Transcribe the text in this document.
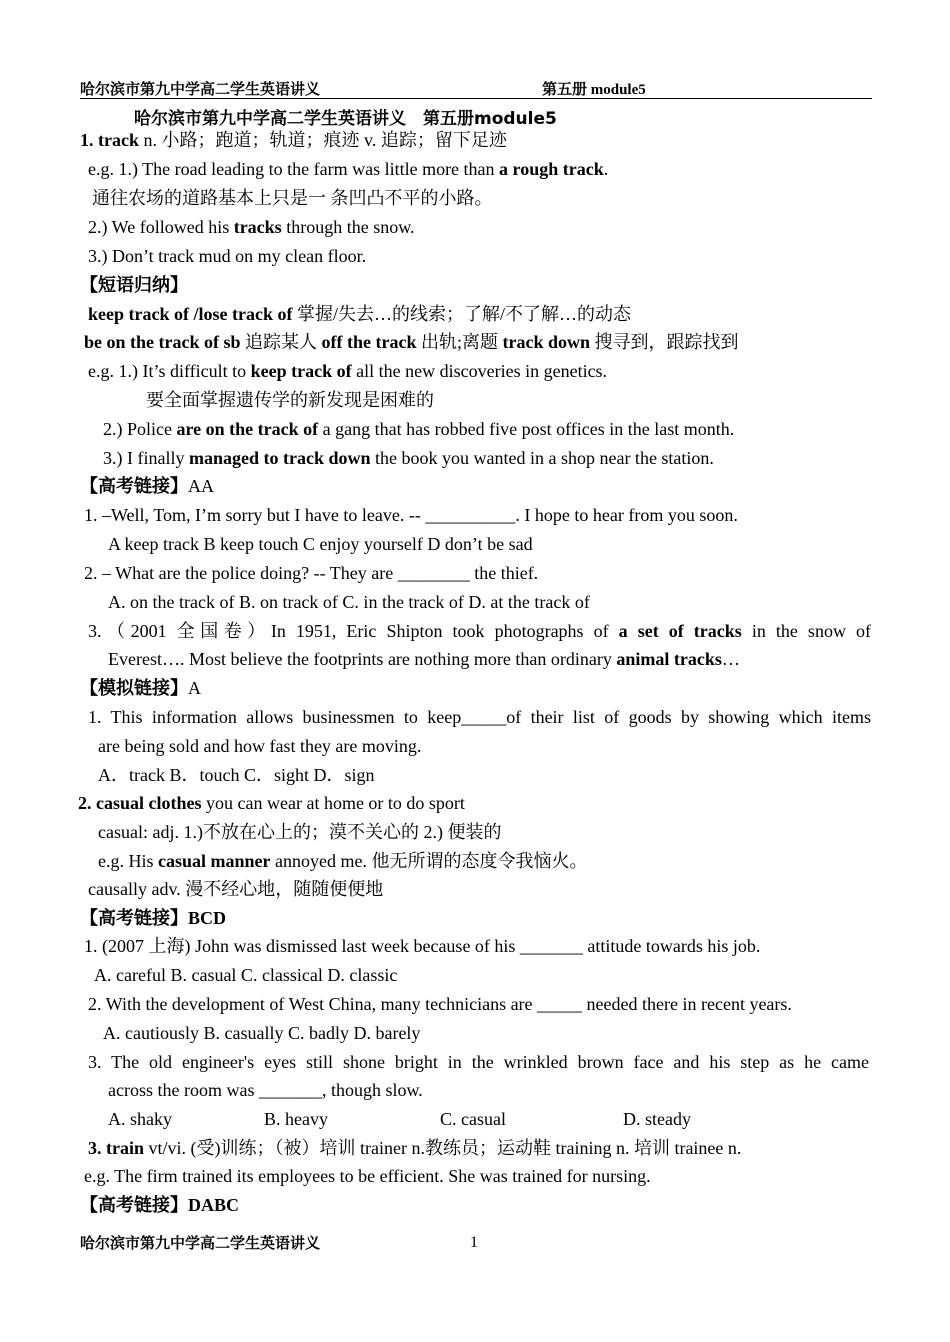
哈尔滨市第九中学高二学生英语讲义	第五册 module5
哈尔滨市第九中学高二学生英语讲义　第五册module5
1. track n. 小路；跑道；轨道；痕迹 v. 追踪；留下足迹
e.g. 1.) The road leading to the farm was little more than a rough track.
通往农场的道路基本上只是一 条凹凸不平的小路。
2.) We followed his tracks through the snow.
3.) Don’t track mud on my clean floor.
【短语归纳】
keep track of /lose track of 掌握/失去…的线索；了解/不了解…的动态
be on the track of sb 追踪某人 off the track 出轨;离题 track down 搜寻到，跟踪找到
e.g. 1.) It’s difficult to keep track of all the new discoveries in genetics.
要全面掌握遗传学的新发现是困难的
2.) Police are on the track of a gang that has robbed five post offices in the last month.
3.) I finally managed to track down the book you wanted in a shop near the station.
【高考链接】AA
1. –Well, Tom, I’m sorry but I have to leave. -- __________. I hope to hear from you soon.
A keep track B keep touch C enjoy yourself D don’t be sad
2. – What are the police doing? -- They are ________ the thief.
A. on the track of B. on track of C. in the track of D. at the track of
3.（2001 全国卷）In 1951, Eric Shipton took photographs of a set of tracks in the snow of
Everest…. Most believe the footprints are nothing more than ordinary animal tracks…
【模拟链接】A
1. This information allows businessmen to keep_____of their list of goods by showing which items
are being sold and how fast they are moving.
A．track B．touch C．sight D．sign
2. casual clothes you can wear at home or to do sport
casual: adj. 1.)不放在心上的；漠不关心的 2.) 便装的
e.g. His casual manner annoyed me. 他无所谓的态度令我恼火。
causally adv. 漫不经心地，随随便便地
【高考链接】BCD
1. (2007 上海) John was dismissed last week because of his _______ attitude towards his job.
A. careful B. casual C. classical D. classic
2. With the development of West China, many technicians are _____ needed there in recent years.
A. cautiously B. casually C. badly D. barely
3. The old engineer's eyes still shone bright in the wrinkled brown face and his step as he came
across the room was _______, though slow.
A. shaky	B. heavy	C. casual	D. steady
3. train vt/vi. (受)训练；（被）培训 trainer n.教练员；运动鞋 training n. 培训 trainee n.
e.g. The firm trained its employees to be efficient. She was trained for nursing.
【高考链接】DABC
哈尔滨市第九中学高二学生英语讲义	1
